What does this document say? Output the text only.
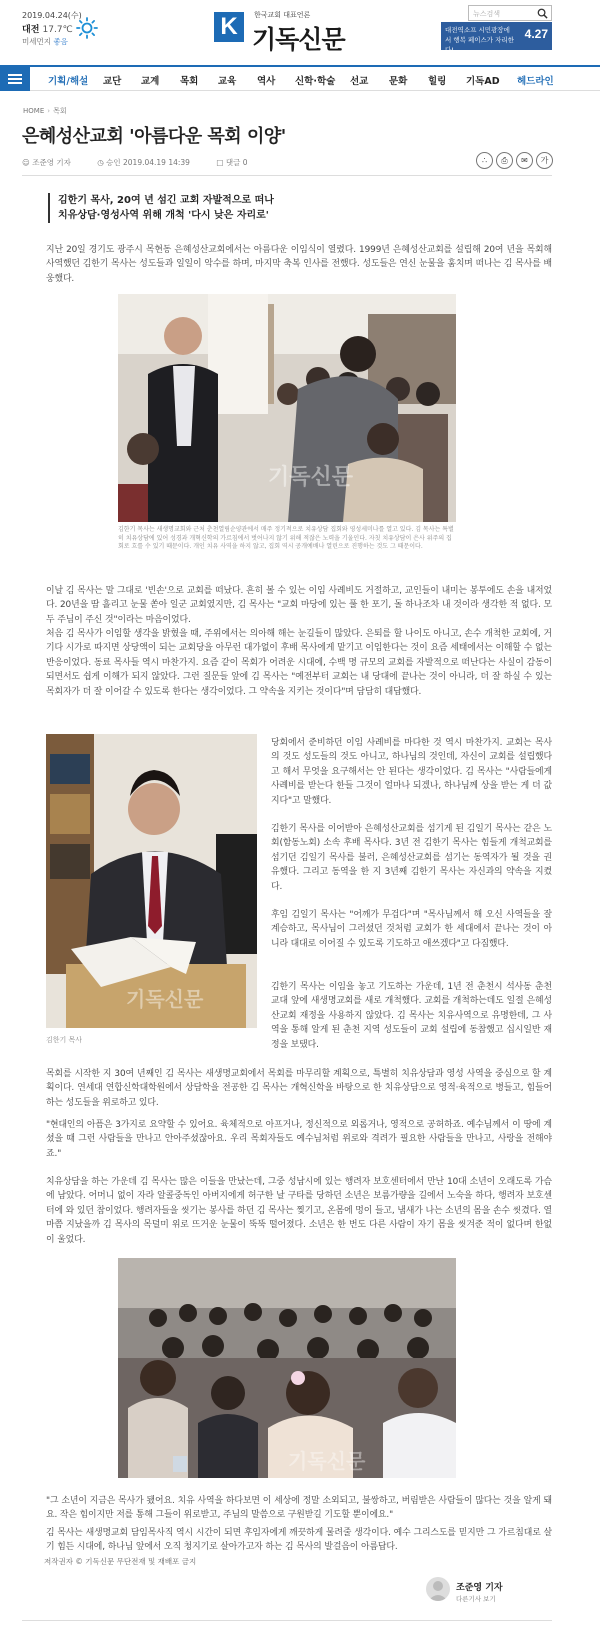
2019.04.24(수)
대전 17.7℃
미세먼지 좋음
K	한국교회 대표언론
기독신문
뉴스검색
대전역소프 시민광장에서 행복 페이스가 자리한다!
4.27
기획/해설 교단 교계 목회 교육 역사 신학·학술 선교 문화 힐링 기독AD 헤드라인
HOME › 목회
은혜성산교회 '아름다운 목회 이양'
☺ 조준영 기자	◷ 승인 2019.04.19 14:39	□ 댓글 0	∴	⎙	✉	가
김한기 목사, 20여 년 섬긴 교회 자발적으로 떠나
치유상담·영성사역 위해 개척 '다시 낮은 자리로'

지난 20일 경기도 광주시 목현동 은혜성산교회에서는 아름다운 이임식이 열렸다. 1999년 은혜성산교회를 설립해 20여 년을 목회해 사역했던 김한기 목사는 성도들과 일일이 악수를 하며, 마지막 축복 인사를 전했다. 성도들은 연신 눈물을 훔치며 떠나는 김 목사를 배웅했다.

기독신문

김한기 목사는 새생명교회와 근처 춘천열림순양관에서 매주 정기적으로 치유상담 집회와 영성세미나를 열고 있다. 김 목사는 특별히 치유상담에 있어 성경과 개혁신학의 가르침에서 벗어나지 않기 위해 적잖은 노력을 기울인다. 자칫 치유상담이 은사 위주의 집회로 흐를 수 있기 때문이다. 개인 치유 사역을 하지 않고, 집회 역시 공개예배나 열린으로 진행하는 것도 그 때문이다.

이날 김 목사는 말 그대로 '빈손'으로 교회를 떠났다. 흔히 볼 수 있는 이임 사례비도 거절하고, 교인들이 내미는 봉투에도 손을 내저었다. 20년을 땀 흘리고 눈물 쏟아 일군 교회였지만, 김 목사는 "교회 마당에 있는 풀 한 포기, 돌 하나조차 내 것이라 생각한 적 없다. 모두 주님이 주신 것"이라는 마음이었다.

처음 김 목사가 이임할 생각을 밝혔을 때, 주위에서는 의아해 해는 눈길들이 많았다. 은퇴를 할 나이도 아니고, 손수 개척한 교회에, 거기다 시가로 따지면 상당액이 되는 교회당을 아무런 대가없이 후배 목사에게 맡기고 이임한다는 것이 요즘 세태에서는 이해할 수 없는 반응이었다. 동료 목사들 역시 마찬가지. 요즘 같이 목회가 어려운 시대에, 수백 명 규모의 교회를 자발적으로 떠난다는 사실이 감동이 되면서도 쉽게 이해가 되지 않았다. 그런 질문들 앞에 김 목사는 "예전부터 교회는 내 당대에 끝나는 것이 아니라, 더 잘 하실 수 있는 목회자가 더 잘 이어갈 수 있도록 한다는 생각이었다. 그 약속을 지키는 것이다"며 담담히 대답했다.

기독신문

김한기 목사

당회에서 준비하던 이임 사례비를 마다한 것 역시 마찬가지. 교회는 목사의 것도 성도들의 것도 아니고, 하나님의 것인데, 자신이 교회를 설립했다고 해서 무엇을 요구해서는 안 된다는 생각이었다. 김 목사는 "사람들에게 사례비를 받는다 한들 그것이 얼마나 되겠나, 하나님께 상을 받는 게 더 값지다"고 말했다.

김한기 목사를 이어받아 은혜성산교회를 섬기게 된 김일기 목사는 같은 노회(함동노회) 소속 후배 목사다. 3년 전 김한기 목사는 힘들게 개척교회를 섬기던 김일기 목사를 불러, 은혜성산교회를 섬기는 동역자가 될 것을 권유했다. 그리고 동역을 한 지 3년째 김한기 목사는 자신과의 약속을 지켰다.

후임 김일기 목사는 "어깨가 무겁다"며 "목사님께서 해 오신 사역들을 잘 계승하고, 목사님이 그러셨던 것처럼 교회가 한 세대에서 끝나는 것이 아니라 대대로 이어질 수 있도록 기도하고 애쓰겠다"고 다짐했다.

김한기 목사는 이임을 놓고 기도하는 가운데, 1년 전 춘천시 석사동 춘천교대 앞에 새생명교회를 새로 개척했다. 교회를 개척하는데도 일절 은혜성산교회 재정을 사용하지 않았다. 김 목사는 치유사역으로 유명한데, 그 사역을 통해 알게 된 춘천 지역 성도들이 교회 설립에 동참했고 십시일반 재정을 보탰다.

목회를 시작한 지 30여 년째인 김 목사는 새생명교회에서 목회를 마무리할 계획으로, 특별히 치유상담과 영성 사역을 중심으로 할 계획이다. 연세대 연합신학대학원에서 상담학을 전공한 김 목사는 개혁신학을 바탕으로 한 치유상담으로 영적·육적으로 병들고, 힘들어하는 성도들을 위로하고 있다.

"현대인의 아픔은 3가지로 요약할 수 있어요. 육체적으로 아프거나, 정신적으로 외롭거나, 영적으로 공허하죠. 예수님께서 이 땅에 계셨을 때 그런 사람들을 만나고 안아주셨잖아요. 우리 목회자들도 예수님처럼 위로와 격려가 필요한 사람들을 만나고, 사랑을 전해야죠."

치유상담을 하는 가운데 김 목사는 많은 이들을 만났는데, 그중 성남시에 있는 행려자 보호센터에서 만난 10대 소년이 오래도록 가슴에 남았다. 어머니 없이 자라 알콜중독인 아버지에게 허구한 날 구타를 당하던 소년은 보름가량을 길에서 노숙을 하다, 행려자 보호센터에 와 있던 참이었다. 행려자들을 씻기는 봉사를 하던 김 목사는 찢기고, 온몸에 멍이 들고, 냄새가 나는 소년의 몸을 손수 씻겼다. 열마쯤 지났을까 김 목사의 목덜미 위로 뜨거운 눈물이 뚝뚝 떨어졌다. 소년은 한 번도 다른 사람이 자기 몸을 씻겨준 적이 없다며 한없이 울었다.

기독신문

"그 소년이 지금은 목사가 됐어요. 치유 사역을 하다보면 이 세상에 정말 소외되고, 불쌍하고, 버림받은 사람들이 많다는 것을 알게 돼요. 작은 힘이지만 저를 통해 그들이 위로받고, 주님의 말씀으로 구원받길 기도할 뿐이에요."

김 목사는 새생명교회 담임목사직 역시 시간이 되면 후임자에게 깨끗하게 물려줄 생각이다. 예수 그리스도를 믿지만 그 가르침대로 살기 힘든 시대에, 하나님 앞에서 오직 청지기로 살아가고자 하는 김 목사의 발걸음이 아름답다.

저작권자 © 기독신문 무단전재 및 재배포 금지
조준영 기자
다른기사 보기
